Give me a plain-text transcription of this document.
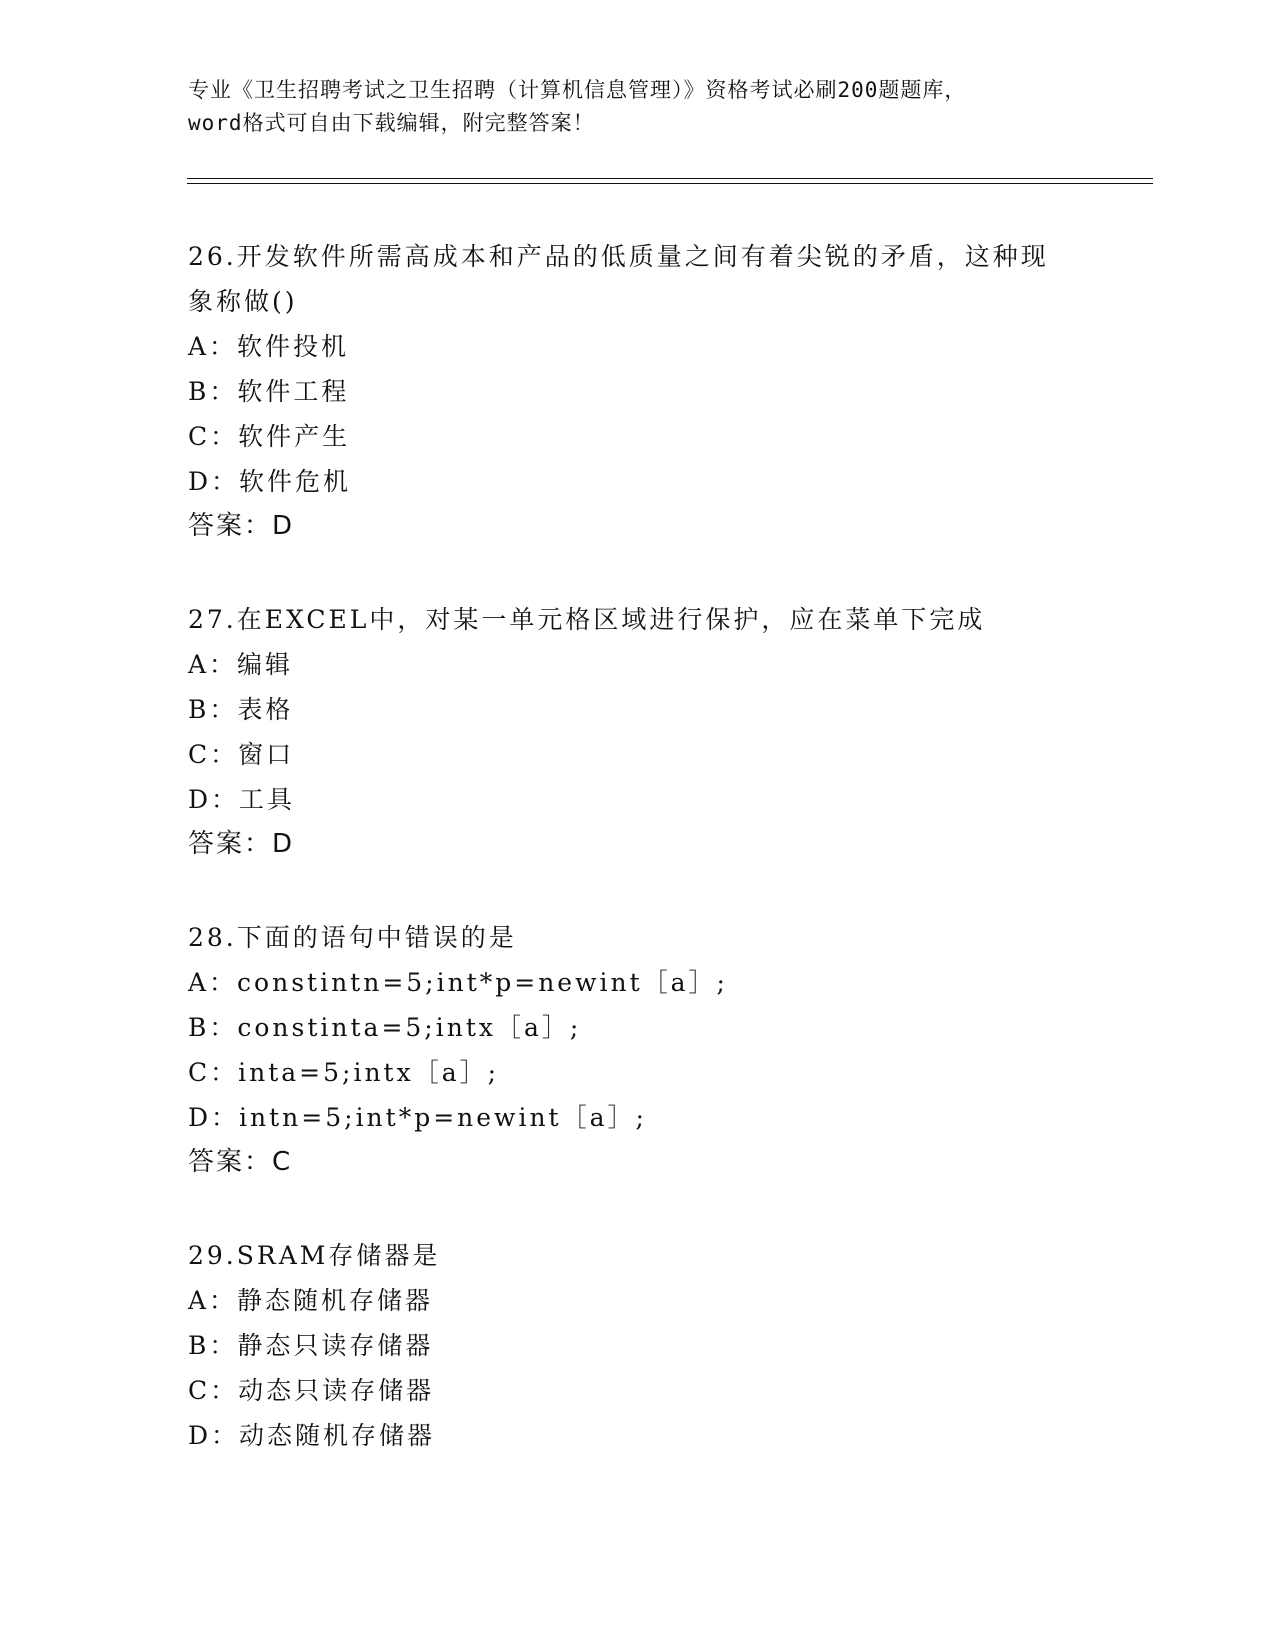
专业《卫生招聘考试之卫生招聘（计算机信息管理）》资格考试必刷200题题库，
word格式可自由下载编辑，附完整答案！
26.开发软件所需高成本和产品的低质量之间有着尖锐的矛盾，这种现
象称做()
A：软件投机
B：软件工程
C：软件产生
D：软件危机
答案：D
27.在EXCEL中，对某一单元格区域进行保护，应在菜单下完成
A：编辑
B：表格
C：窗口
D：工具
答案：D
28.下面的语句中错误的是
A：constintn=5;int*p=newint［a］;
B：constinta=5;intx［a］;
C：inta=5;intx［a］;
D：intn=5;int*p=newint［a］;
答案：C
29.SRAM存储器是
A：静态随机存储器
B：静态只读存储器
C：动态只读存储器
D：动态随机存储器
